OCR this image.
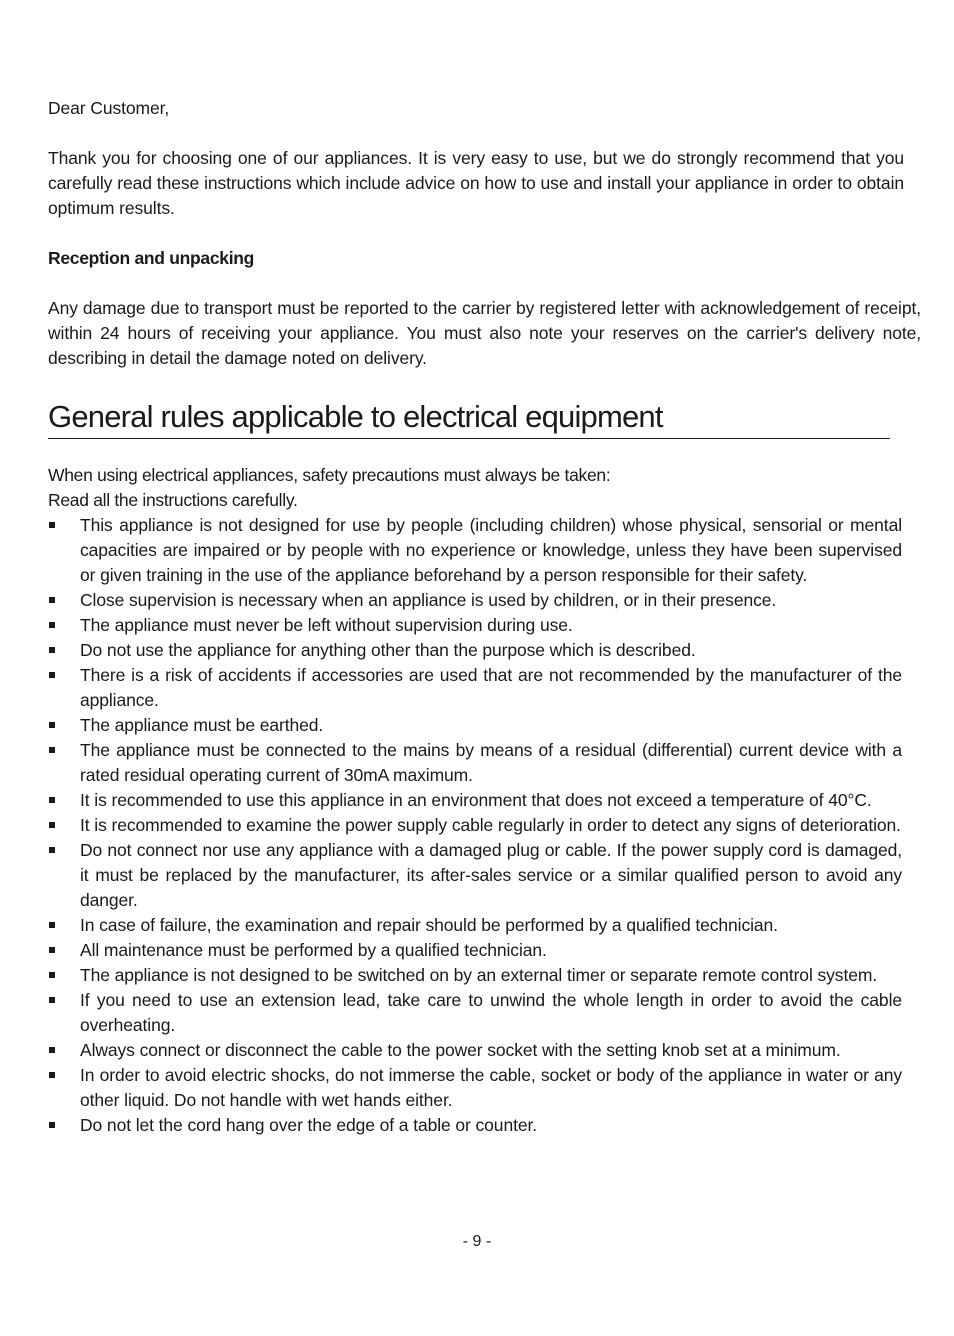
Dear Customer,

Thank you for choosing one of our appliances. It is very easy to use, but we do strongly recommend that you carefully read these instructions which include advice on how to use and install your appliance in order to obtain optimum results.

Reception and unpacking

Any damage due to transport must be reported to the carrier by registered letter with acknowledgement of receipt, within 24 hours of receiving your appliance. You must also note your reserves on the carrier's delivery note, describing in detail the damage noted on delivery.

General rules applicable to electrical equipment
When using electrical appliances, safety precautions must always be taken:
Read all the instructions carefully.
This appliance is not designed for use by people (including children) whose physical, sensorial or mental capacities are impaired or by people with no experience or knowledge, unless they have been supervised or given training in the use of the appliance beforehand by a person responsible for their safety.
Close supervision is necessary when an appliance is used by children, or in their presence.
The appliance must never be left without supervision during use.
Do not use the appliance for anything other than the purpose which is described.
There is a risk of accidents if accessories are used that are not recommended by the manufacturer of the appliance.
The appliance must be earthed.
The appliance must be connected to the mains by means of a residual (differential) current device with a rated residual operating current of 30mA maximum.
It is recommended to use this appliance in an environment that does not exceed a temperature of 40°C.
It is recommended to examine the power supply cable regularly in order to detect any signs of deterioration.
Do not connect nor use any appliance with a damaged plug or cable. If the power supply cord is damaged, it must be replaced by the manufacturer, its after-sales service or a similar qualified person to avoid any danger.
In case of failure, the examination and repair should be performed by a qualified technician.
All maintenance must be performed by a qualified technician.
The appliance is not designed to be switched on by an external timer or separate remote control system.
If you need to use an extension lead, take care to unwind the whole length in order to avoid the cable overheating.
Always connect or disconnect the cable to the power socket with the setting knob set at a minimum.
In order to avoid electric shocks, do not immerse the cable, socket or body of the appliance in water or any other liquid. Do not handle with wet hands either.
Do not let the cord hang over the edge of a table or counter.
- 9 -
